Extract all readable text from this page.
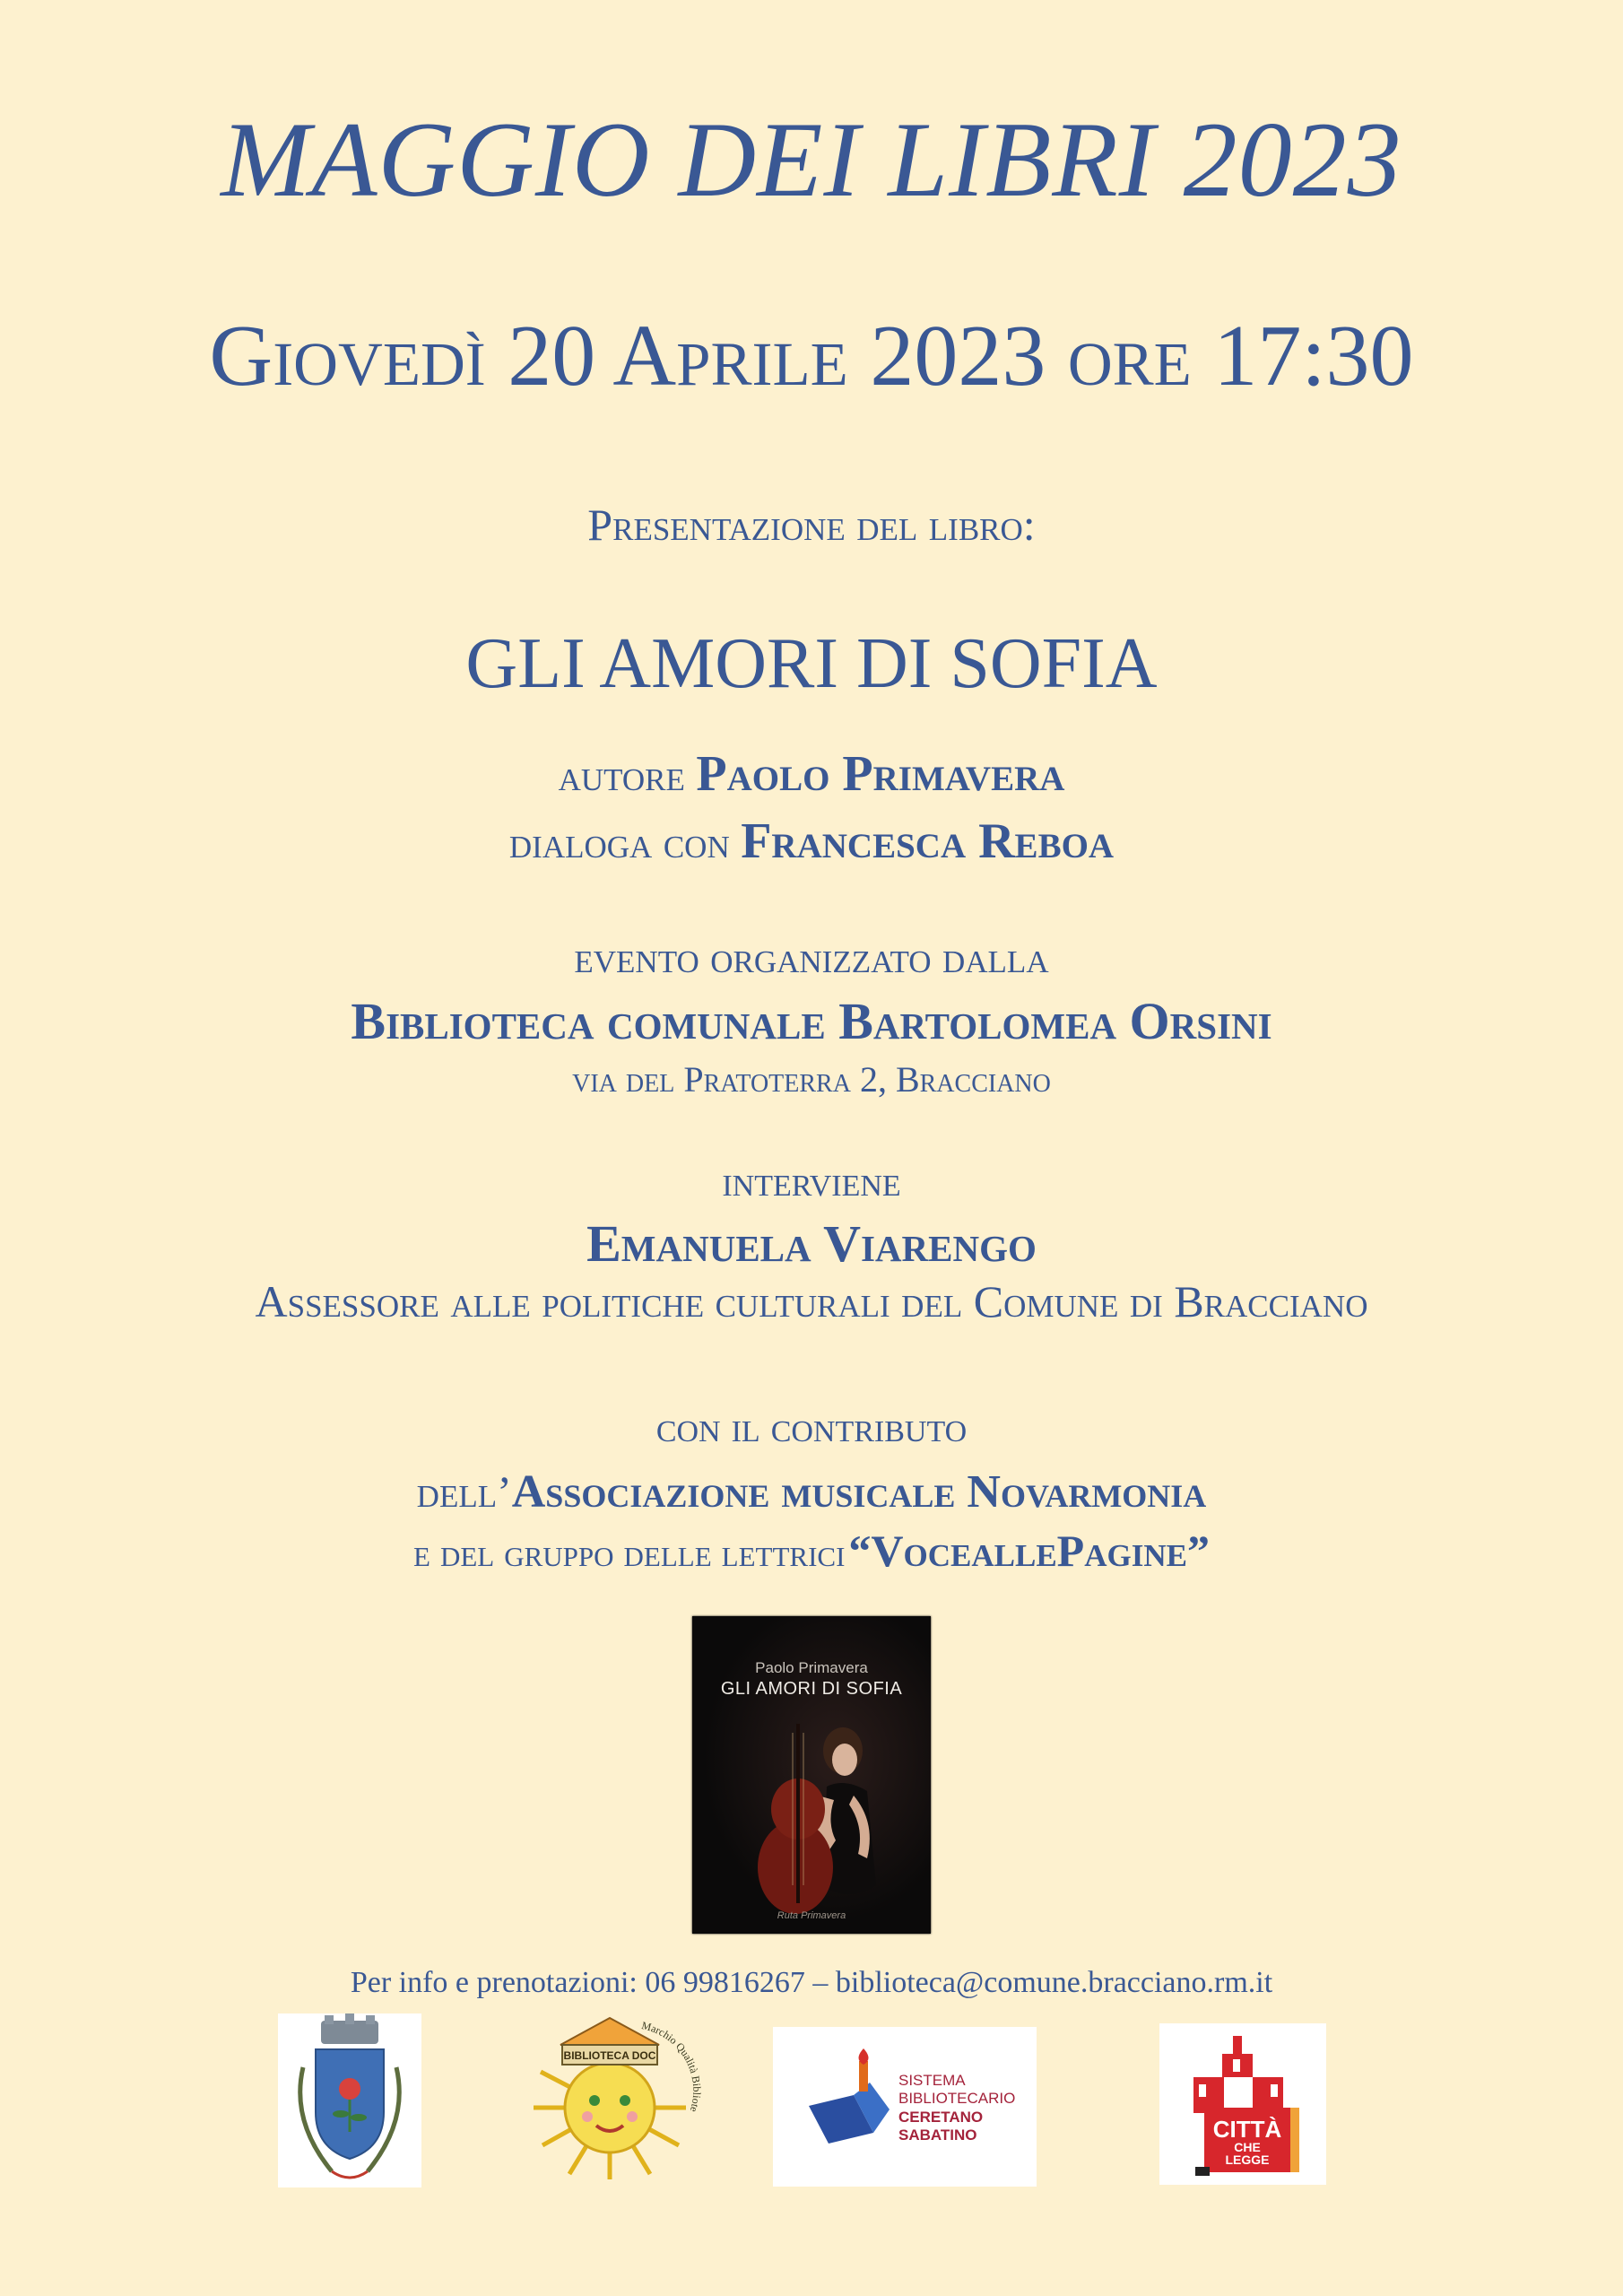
MAGGIO DEI LIBRI 2023
Giovedì 20 Aprile 2023 ore 17:30
Presentazione del libro:
GLI AMORI DI SOFIA
autore Paolo Primavera
dialoga con Francesca Reboa
evento organizzato dalla
Biblioteca comunale Bartolomea Orsini
via del Pratoterra 2, Bracciano
interviene
Emanuela Viarengo
Assessore alle politiche culturali del Comune di Bracciano
con il contributo
dell’Associazione musicale Novarmonia
e del gruppo delle lettrici “VoceallePagine”
Paolo Primavera
GLI AMORI DI SOFIA
Ruta Primavera
Per info e prenotazioni: 06 99816267 – biblioteca@comune.bracciano.rm.it
BIBLIOTECA DOC
Marchio Qualità Bibliote
SISTEMA
BIBLIOTECARIO
CERETANO
SABATINO	CITTÀ
CHE LEGGE
